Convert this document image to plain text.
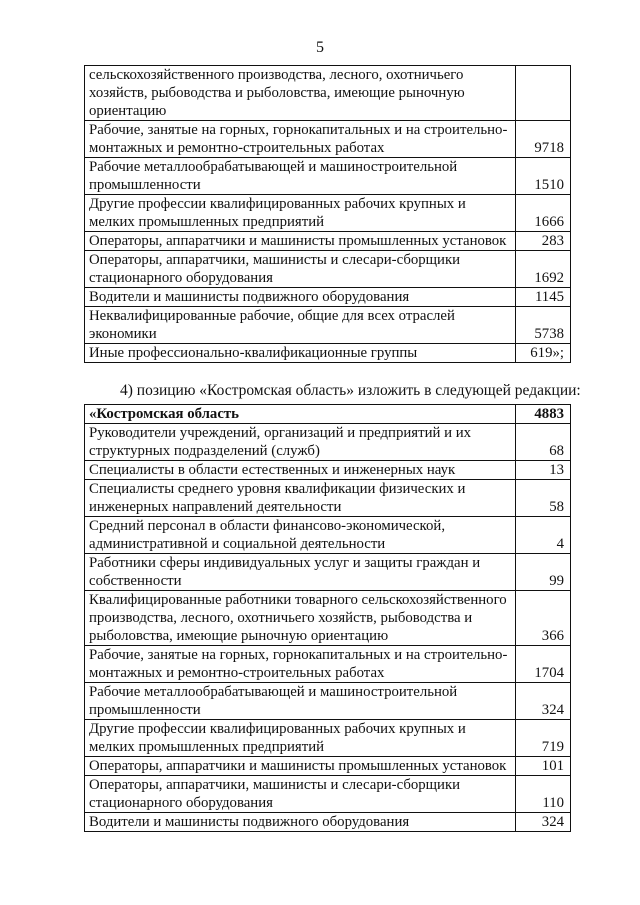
5
сельскохозяйственного производства, лесного, охотничьего хозяйств, рыбоводства и рыболовства, имеющие рыночную ориентацию	
Рабочие, занятые на горных, горнокапитальных и на строительно-монтажных и ремонтно-строительных работах	9718
Рабочие металлообрабатывающей и машиностроительной промышленности	1510
Другие профессии квалифицированных рабочих крупных и мелких промышленных предприятий	1666
Операторы, аппаратчики и машинисты промышленных установок	283
Операторы, аппаратчики, машинисты и слесари-сборщики стационарного оборудования	1692
Водители и машинисты подвижного оборудования	1145
Неквалифицированные рабочие, общие для всех отраслей экономики	5738
Иные профессионально-квалификационные группы	619»;
4) позицию «Костромская область» изложить в следующей редакции:
«Костромская область	4883
Руководители учреждений, организаций и предприятий и их структурных подразделений (служб)	68
Специалисты в области естественных и инженерных наук	13
Специалисты среднего уровня квалификации физических и инженерных направлений деятельности	58
Средний персонал в области финансово-экономической, административной и социальной деятельности	4
Работники сферы индивидуальных услуг и защиты граждан и собственности	99
Квалифицированные работники товарного сельскохозяйственного производства, лесного, охотничьего хозяйств, рыбоводства и рыболовства, имеющие рыночную ориентацию	366
Рабочие, занятые на горных, горнокапитальных и на строительно-монтажных и ремонтно-строительных работах	1704
Рабочие металлообрабатывающей и машиностроительной промышленности	324
Другие профессии квалифицированных рабочих крупных и мелких промышленных предприятий	719
Операторы, аппаратчики и машинисты промышленных установок	101
Операторы, аппаратчики, машинисты и слесари-сборщики стационарного оборудования	110
Водители и машинисты подвижного оборудования	324
